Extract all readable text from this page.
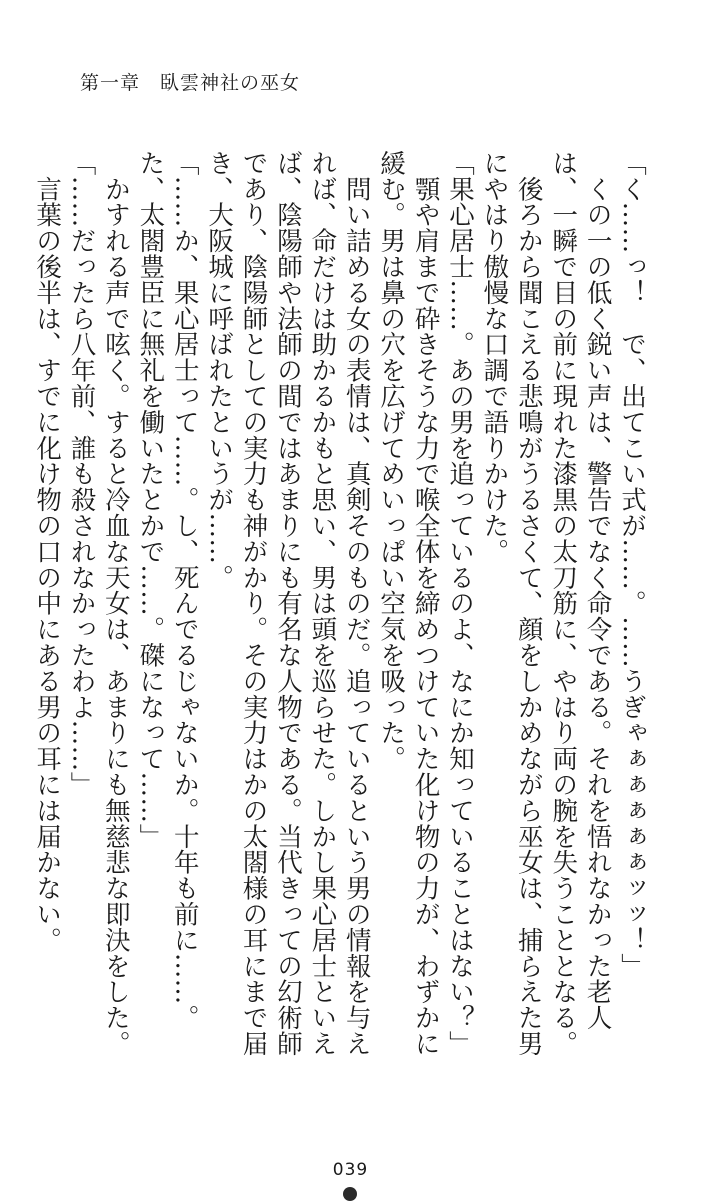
第一章　臥雲神社の巫女

「く……っ！　で、出てこい式が……。……うぎゃぁぁぁぁぁッッ！」

　くの一の低く鋭い声は、警告でなく命令である。それを悟れなかった老人は、一瞬で目の前に現れた漆黒の太刀筋に、やはり両の腕を失うこととなる。

　後ろから聞こえる悲鳴がうるさくて、顔をしかめながら巫女は、捕らえた男にやはり傲慢な口調で語りかけた。

「果心居士……。あの男を追っているのよ、なにか知っていることはない？」

　顎や肩まで砕きそうな力で喉全体を締めつけていた化け物の力が、わずかに緩む。男は鼻の穴を広げてめいっぱい空気を吸った。

　問い詰める女の表情は、真剣そのものだ。追っているという男の情報を与えれば、命だけは助かるかもと思い、男は頭を巡らせた。しかし果心居士といえば、陰陽師や法師の間ではあまりにも有名な人物である。当代きっての幻術師であり、陰陽師としての実力も神がかり。その実力はかの太閤様の耳にまで届き、大阪城に呼ばれたというが……。

「……か、果心居士って……。し、死んでるじゃないか。十年も前に……。た、太閤豊臣に無礼を働いたとかで……。磔になって……」

　かすれる声で呟く。すると冷血な天女は、あまりにも無慈悲な即決をした。

「……だったら八年前、誰も殺されなかったわよ……」

　言葉の後半は、すでに化け物の口の中にある男の耳には届かない。

039
